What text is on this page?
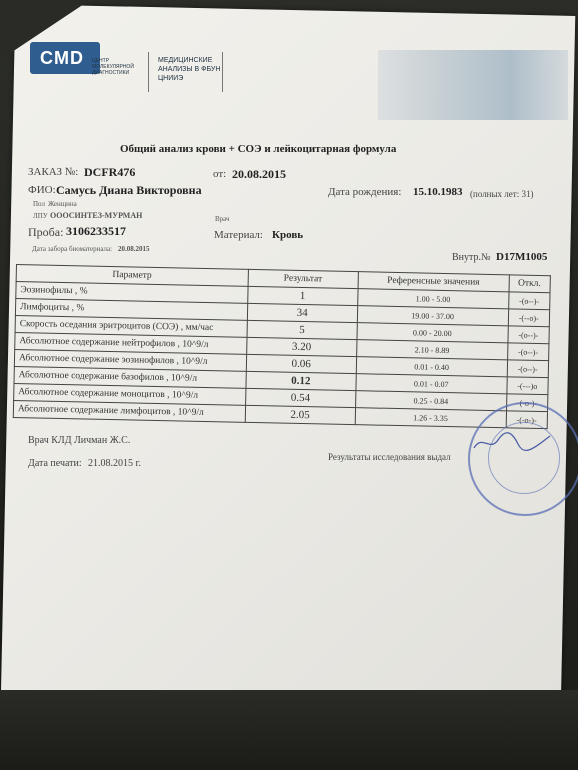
CMD ЦЕНТР МОЛЕКУЛЯРНОЙ ДИАГНОСТИКИ
МЕДИЦИНСКИЕ АНАЛИЗЫ В ФБУН ЦНИИЭ
Общий анализ крови + СОЭ и лейкоцитарная формула
ЗАКАЗ №: DCFR476	от: 20.08.2015
ФИО: Самусь Диана Викторовна	Дата рождения: 15.10.1983 (полных лет: 31)
Пол Женщина
ЛПУ ОООСИНТЕЗ-МУРМАН	Врач
Проба: 3106233517	Материал: Кровь
Дата забора биоматериала: 20.08.2015
Внутр.№ D17M1005
Параметр	Результат	Референсные значения	Откл.
Эозинофилы , %	1	1.00 - 5.00	-(o--)-
Лимфоциты , %	34	19.00 - 37.00	-(--o)-
Скорость оседания эритроцитов (СОЭ) , мм/час	5	0.00 - 20.00	-(o--)-
Абсолютное содержание нейтрофилов , 10^9/л	3.20	2.10 - 8.89	-(o--)-
Абсолютное содержание эозинофилов , 10^9/л	0.06	0.01 - 0.40	-(o--)-
Абсолютное содержание базофилов , 10^9/л	0.12	0.01 - 0.07	-(---)o
Абсолютное содержание моноцитов , 10^9/л	0.54	0.25 - 0.84	-(-o-)-
Абсолютное содержание лимфоцитов , 10^9/л	2.05	1.26 - 3.35	-(-o-)-
Врач КЛД Личман Ж.С.
Дата печати: 21.08.2015 г.
Результаты исследования выдал
